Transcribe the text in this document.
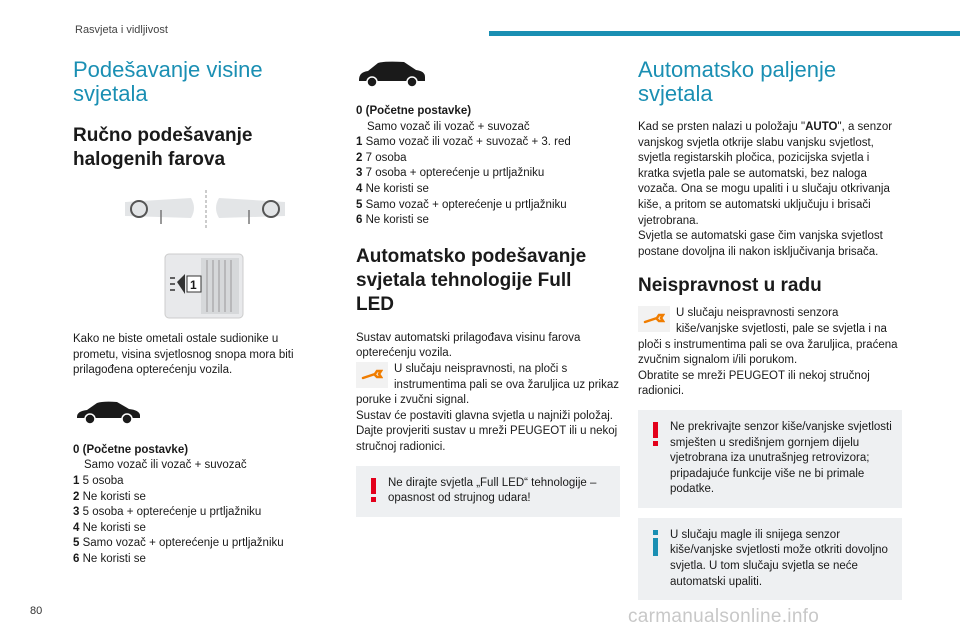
Rasvjeta i vidljivost
Podešavanje visine svjetala
Ručno podešavanje halogenih farova
1

Kako ne biste ometali ostale sudionike u prometu, visina svjetlosnog snopa mora biti prilagođena opterećenju vozila.

0 (Početne postavke)
Samo vozač ili vozač + suvozač
1 5 osoba
2 Ne koristi se
3 5 osoba + opterećenje u prtljažniku
4 Ne koristi se
5 Samo vozač + opterećenje u prtljažniku
6 Ne koristi se
0 (Početne postavke)
Samo vozač ili vozač + suvozač
1 Samo vozač ili vozač + suvozač + 3. red
2 7 osoba
3 7 osoba + opterećenje u prtljažniku
4 Ne koristi se
5 Samo vozač + opterećenje u prtljažniku
6 Ne koristi se
Automatsko podešavanje svjetala tehnologije Full LED

Sustav automatski prilagođava visinu farova opterećenju vozila.

U slučaju neispravnosti, na ploči s instrumentima pali se ova žaruljica uz prikaz poruke i zvučni signal.

Sustav će postaviti glavna svjetla u najniži položaj.

Dajte provjeriti sustav u mreži PEUGEOT ili u nekoj stručnoj radionici.

Ne dirajte svjetla „Full LED“ tehnologije – opasnost od strujnog udara!

Automatsko paljenje svjetala

Kad se prsten nalazi u položaju "AUTO", a senzor vanjskog svjetla otkrije slabu vanjsku svjetlost, svjetla registarskih pločica, pozicijska svjetla i kratka svjetla pale se automatski, bez naloga vozača. Ona se mogu upaliti i u slučaju otkrivanja kiše, a pritom se automatski uključuju i brisači vjetrobrana.

Svjetla se automatski gase čim vanjska svjetlost postane dovoljna ili nakon isključivanja brisača.

Neispravnost u radu

U slučaju neispravnosti senzora kiše/vanjske svjetlosti, pale se svjetla i na ploči s instrumentima pali se ova žaruljica, praćena zvučnim signalom i/ili porukom.

Obratite se mreži PEUGEOT ili nekoj stručnoj radionici.

Ne prekrivajte senzor kiše/vanjske svjetlosti smješten u središnjem gornjem dijelu vjetrobrana iza unutrašnjeg retrovizora; pripadajuće funkcije više ne bi primale podatke.

U slučaju magle ili snijega senzor kiše/vanjske svjetlosti može otkriti dovoljno svjetla. U tom slučaju svjetla se neće automatski upaliti.

80	carmanualsonline.info
